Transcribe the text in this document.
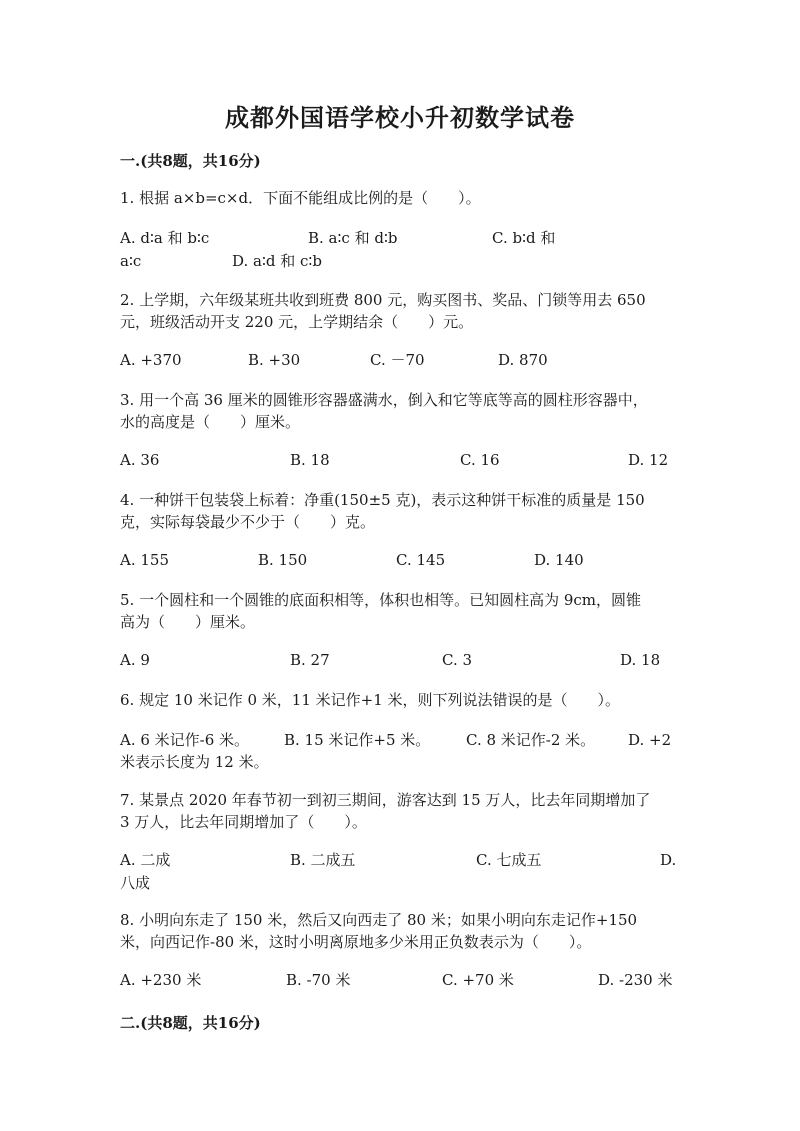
成都外国语学校小升初数学试卷
一.(共8题，共16分)
1. 根据 a×b=c×d．下面不能组成比例的是（　　）。
A. d∶a 和 b∶c	B. a∶c 和 d∶b	C. b∶d 和
a∶c	D. a∶d 和 c∶b
2. 上学期，六年级某班共收到班费 800 元，购买图书、奖品、门锁等用去 650
元，班级活动开支 220 元，上学期结余（　　）元。
A. +370	B. +30	C. －70	D. 870
3. 用一个高 36 厘米的圆锥形容器盛满水，倒入和它等底等高的圆柱形容器中，
水的高度是（　　）厘米。
A. 36	B. 18	C. 16	D. 12
4. 一种饼干包装袋上标着：净重(150±5 克)，表示这种饼干标准的质量是 150
克，实际每袋最少不少于（　　）克。
A. 155	B. 150	C. 145	D. 140
5. 一个圆柱和一个圆锥的底面积相等，体积也相等。已知圆柱高为 9cm，圆锥
高为（　　）厘米。
A. 9	B. 27	C. 3	D. 18
6. 规定 10 米记作 0 米，11 米记作+1 米，则下列说法错误的是（　　）。
A. 6 米记作-6 米。 B. 15 米记作+5 米。 C. 8 米记作-2 米。 D. +2
米表示长度为 12 米。
7. 某景点 2020 年春节初一到初三期间，游客达到 15 万人，比去年同期增加了
3 万人，比去年同期增加了（　　）。
A. 二成	B. 二成五	C. 七成五	D.
八成
8. 小明向东走了 150 米，然后又向西走了 80 米；如果小明向东走记作+150
米，向西记作-80 米，这时小明离原地多少米用正负数表示为（　　）。
A. +230 米	B. -70 米	C. +70 米	D. -230 米
二.(共8题，共16分)
